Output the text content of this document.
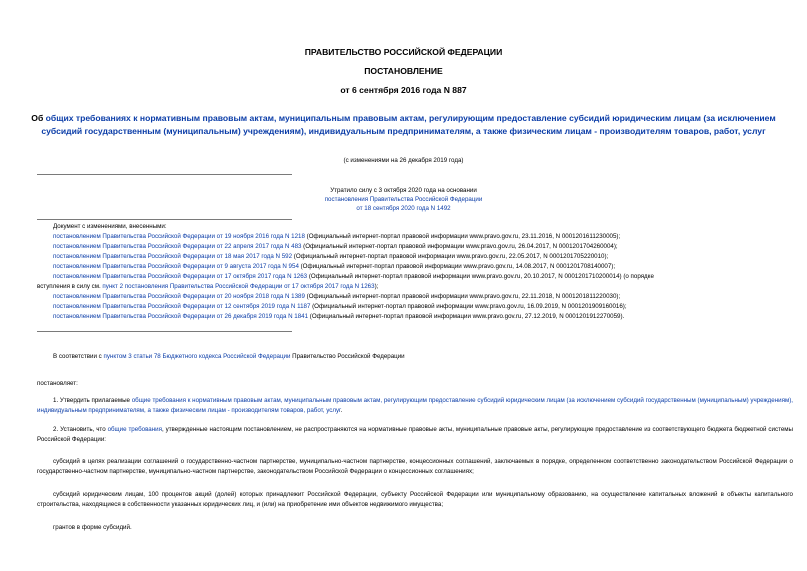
ПРАВИТЕЛЬСТВО РОССИЙСКОЙ ФЕДЕРАЦИИ
ПОСТАНОВЛЕНИЕ
от 6 сентября 2016 года N 887
Об общих требованиях к нормативным правовым актам, муниципальным правовым актам, регулирующим предоставление субсидий юридическим лицам (за исключением субсидий государственным (муниципальным) учреждениям), индивидуальным предпринимателям, а также физическим лицам - производителям товаров, работ, услуг
(с изменениями на 26 декабря 2019 года)
Утратило силу с 3 октября 2020 года на основании
постановления Правительства Российской Федерации
от 18 сентября 2020 года N 1492
Документ с изменениями, внесенными:
постановлением Правительства Российской Федерации от 19 ноября 2016 года N 1218 (Официальный интернет-портал правовой информации www.pravo.gov.ru, 23.11.2016, N 0001201611230005);
постановлением Правительства Российской Федерации от 22 апреля 2017 года N 483 (Официальный интернет-портал правовой информации www.pravo.gov.ru, 26.04.2017, N 0001201704260004);
постановлением Правительства Российской Федерации от 18 мая 2017 года N 592 (Официальный интернет-портал правовой информации www.pravo.gov.ru, 22.05.2017, N 0001201705220010);
постановлением Правительства Российской Федерации от 9 августа 2017 года N 954 (Официальный интернет-портал правовой информации www.pravo.gov.ru, 14.08.2017, N 0001201708140007);
постановлением Правительства Российской Федерации от 17 октября 2017 года N 1263 (Официальный интернет-портал правовой информации www.pravo.gov.ru, 20.10.2017, N 0001201710200014) (о порядке
вступления в силу см. пункт 2 постановления Правительства Российской Федерации от 17 октября 2017 года N 1263);
постановлением Правительства Российской Федерации от 20 ноября 2018 года N 1389 (Официальный интернет-портал правовой информации www.pravo.gov.ru, 22.11.2018, N 0001201811220030);
постановлением Правительства Российской Федерации от 12 сентября 2019 года N 1187 (Официальный интернет-портал правовой информации www.pravo.gov.ru, 16.09.2019, N 0001201909160016);
постановлением Правительства Российской Федерации от 26 декабря 2019 года N 1841 (Официальный интернет-портал правовой информации www.pravo.gov.ru, 27.12.2019, N 0001201912270059).
В соответствии с пунктом 3 статьи 78 Бюджетного кодекса Российской Федерации Правительство Российской Федерации
постановляет:
1. Утвердить прилагаемые общие требования к нормативным правовым актам, муниципальным правовым актам, регулирующим предоставление субсидий юридическим лицам (за исключением субсидий государственным (муниципальным) учреждениям), индивидуальным предпринимателям, а также физическим лицам - производителям товаров, работ, услуг.
2. Установить, что общие требования, утвержденные настоящим постановлением, не распространяются на нормативные правовые акты, муниципальные правовые акты, регулирующие предоставление из соответствующего бюджета бюджетной системы Российской Федерации:
субсидий в целях реализации соглашений о государственно-частном партнерстве, муниципально-частном партнерстве, концессионных соглашений, заключаемых в порядке, определенном соответственно законодательством Российской Федерации о государственно-частном партнерстве, муниципально-частном партнерстве, законодательством Российской Федерации о концессионных соглашениях;
субсидий юридическим лицам, 100 процентов акций (долей) которых принадлежит Российской Федерации, субъекту Российской Федерации или муниципальному образованию, на осуществление капитальных вложений в объекты капитального строительства, находящиеся в собственности указанных юридических лиц, и (или) на приобретение ими объектов недвижимого имущества;
грантов в форме субсидий.
